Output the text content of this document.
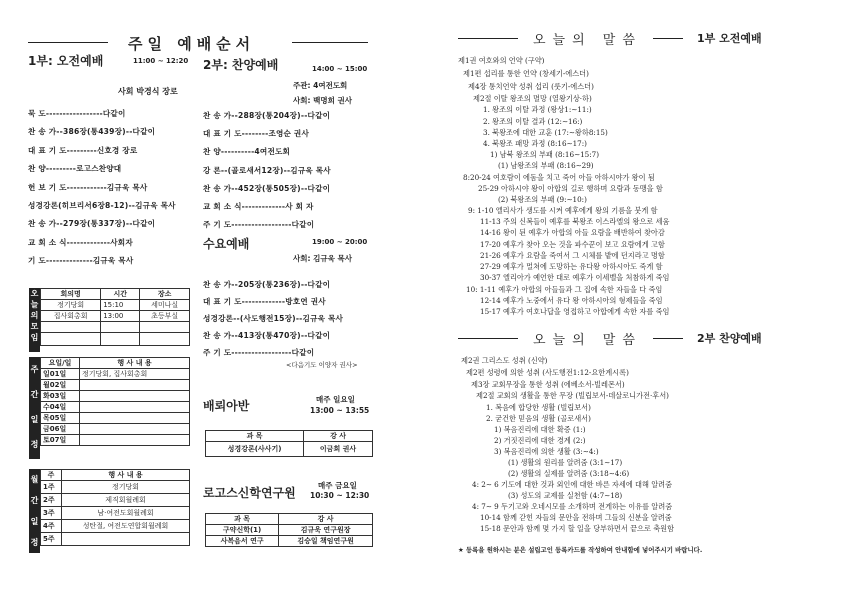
주일 예배순서
1부: 오전예배	11:00 ~ 12:20
사회 박경식 장로
묵 도-----------------다같이
찬 송 가--386장(통439장)--다같이
대 표 기 도---------신호경 장로
찬 양---------로고스찬양대
헌 보 기 도------------김규욱 목사
성경강론(히브리서6장8-12)--김규욱 목사
찬 송 가--279장(통337장)--다같이
교 회 소 식-------------사회자
기 도--------------김규욱 목사
2부: 찬양예배	14:00 ~ 15:00
주관: 4여전도회
사회: 백명희 권사
찬 송 가--288장(통204장)--다같이
대 표 기 도--------조영순 권사
찬 양----------4여전도회
강 론--(골로새서12장)--김규욱 목사
찬 송 가--452장(통505장)--다같이
교 회 소 식-------------사 회 자
주 기 도------------------다같이
수요예배	19:00 ~ 20:00
사회: 김규욱 목사
찬 송 가--205장(통236장)--다같이
대 표 기 도-------------방호연 권사
성경강론--(사도행전15장)--김규욱 목사
찬 송 가--413장(통470장)--다같이
주 기 도------------------다같이
<다음기도 이양자 권사>
배뢰아반	매주 일요일
13:00 ~ 13:55
과 목	강 사
성경강론(사사기)	이금희 권사
로고스신학연구원
매주 금요일
10:30 ~ 12:30
과 목	강 사
구약신학(1)	김규욱 연구원장
사복음서 연구	김승일 책임연구원
오늘의모임
회의명	시간	장소
정기당회	15:10	세미나실
집사회총회	13:00	초등부실

주간일정
요일/일	행 사 내 용
일01일	정기당회, 집사회총회
월02일	
화03일	
수04일	
목05일	
금06일	
토07일	
월간일정
주	행 사 내 용
1주	정기당회
2주	제직회월례회
3주	남·여전도회월례회
4주	성탄절, 여전도연합회월례회
5주	
오늘의 말씀	1부 오전예배
제1권 여호와의 언약 (구약)
제1편 섭리를 통한 언약 (창세기-에스더)
제4장 통치언약 성취 섭리 (룻기-에스더)
제2절 이탈 왕조의 멸망 (열왕기상·하)
1. 왕조의 이탈 과정 (왕상1:∼11:)
2. 왕조의 이탈 결과 (12:∼16:)
3. 북왕조에 대한 교훈 (17:∼왕하8:15)
4. 북왕조 패망 과정 (8:16∼17:)
1) 남북 왕조의 부패 (8:16∼15:7)
(1) 남왕조의 부패 (8:16∼29)
8:20-24 여호람이 에돔을 치고 죽어 아들 아하시야가 왕이 됨
25-29 아하시야 왕이 아합의 길로 행하며 요람과 동맹을 함
(2) 북왕조의 부패 (9:∼10:)
9: 1-10 엘리사가 생도를 시켜 예후에게 왕의 기름을 붓게 함
11-13 주의 신복들이 예후를 북왕조 이스라엘의 왕으로 세움
14-16 왕이 된 예후가 아합의 아들 요람을 배반하여 찾아감
17-20 예후가 찾아 오는 것을 파수꾼이 보고 요람에게 고함
21-26 예후가 요람을 죽여서 그 시체를 밭에 던지라고 명함
27-29 예후가 멀쳐에 도망하는 유다왕 아하시아도 죽게 함
30-37 엘리아가 예언한 대로 예후가 이세벨을 처참하게 죽임
10: 1-11 예후가 아합의 아들들과 그 집에 속한 자들을 다 죽임
12-14 예후가 노중에서 유다 왕 아하시아의 형제들을 죽임
15-17 예후가 여호나답을 영접하고 아합에게 속한 자를 죽임
오늘의 말씀	2부 찬양예배
제2권 그리스도 성취 (신약)
제2편 성령에 의한 성취 (사도행전1:12-요한계시록)
제3장 교회무장을 통한 성취 (에베소서-빌레몬서)
제2절 교회의 생활을 통한 무장 (빌립보서-데살로니가전·후서)
1. 복음에 합당한 생활 (빌립보서)
2. 굳건한 믿음의 생활 (골로새서)
1) 복음진리에 대한 확증 (1:)
2) 거짓진리에 대한 경계 (2:)
3) 복음진리에 의한 생활 (3:∼4:)
(1) 생활의 원리를 알려줌 (3:1∼17)
(2) 생활의 실제를 알려줌 (3:18∼4:6)
4: 2∼ 6 기도에 대한 것과 외인에 대한 바른 자세에 대해 알려줌
(3) 성도의 교제를 실천함 (4:7∼18)
4: 7∼ 9 두기고와 오네시모를 소개하며 전게하는 이유를 알려줌
10-14 함께 갇힌 자들의 문안을 전하며 그들의 신분을 알려줌
15-18 문안과 함께 몇 가지 할 일을 당부하면서 끝으로 축원함
★ 등록을 원하시는 분은 설립고인 등록카드를 작성하여 안내함에 넣어주시기 바랍니다.
